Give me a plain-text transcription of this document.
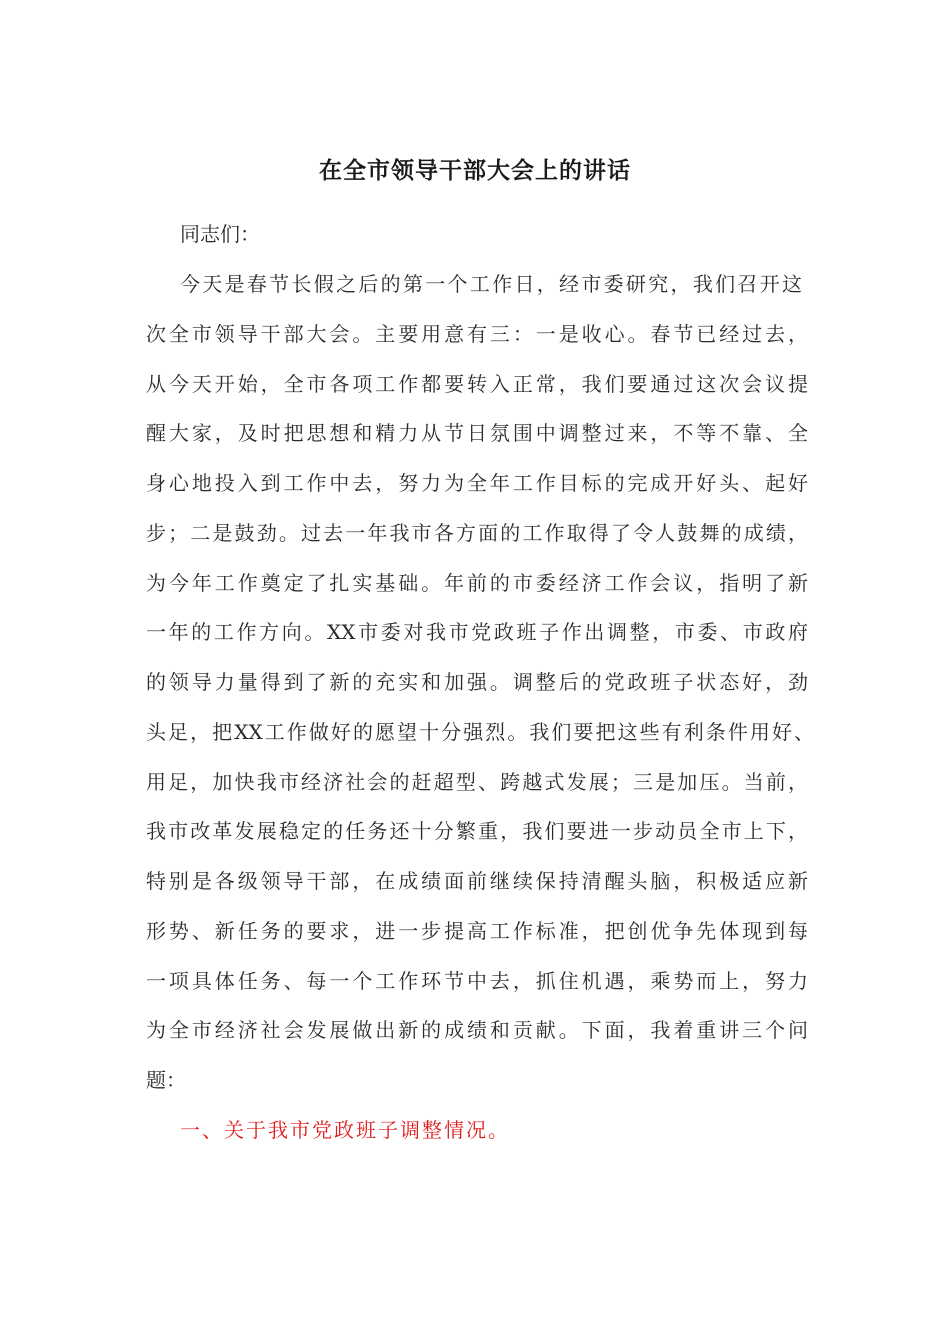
在全市领导干部大会上的讲话
同志们：
今天是春节长假之后的第一个工作日，经市委研究，我们召开这
次全市领导干部大会。主要用意有三：一是收心。春节已经过去，
从今天开始，全市各项工作都要转入正常，我们要通过这次会议提
醒大家，及时把思想和精力从节日氛围中调整过来，不等不靠、全
身心地投入到工作中去，努力为全年工作目标的完成开好头、起好
步；二是鼓劲。过去一年我市各方面的工作取得了令人鼓舞的成绩，
为今年工作奠定了扎实基础。年前的市委经济工作会议，指明了新
一年的工作方向。XX市委对我市党政班子作出调整，市委、市政府
的领导力量得到了新的充实和加强。调整后的党政班子状态好，劲
头足，把XX工作做好的愿望十分强烈。我们要把这些有利条件用好、
用足，加快我市经济社会的赶超型、跨越式发展；三是加压。当前，
我市改革发展稳定的任务还十分繁重，我们要进一步动员全市上下，
特别是各级领导干部，在成绩面前继续保持清醒头脑，积极适应新
形势、新任务的要求，进一步提高工作标准，把创优争先体现到每
一项具体任务、每一个工作环节中去，抓住机遇，乘势而上，努力
为全市经济社会发展做出新的成绩和贡献。下面，我着重讲三个问
题：
一、关于我市党政班子调整情况。
